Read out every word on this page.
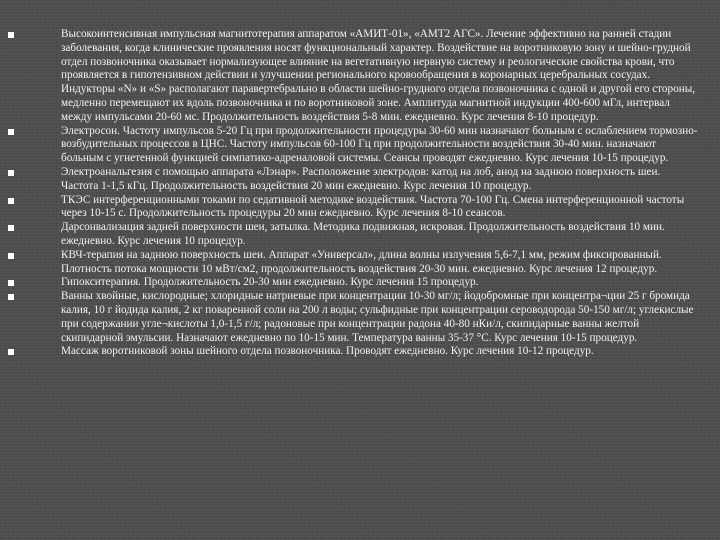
Высокоинтенсивная импульсная магнитотерапия аппаратом «АМИТ-01», «АМТ2 АГС». Лечение эффективно на ранней стадии заболевания, когда клинические проявления носят функциональный характер. Воздействие на воротниковую зону и шейно-грудной отдел позвоночника оказывает нормализующее влияние на вегетативную нервную систему и реологические свойства крови, что проявляется в гипотензивном действии и улучшении регионального кровообращения в коронарных церебральных сосудах. Индукторы «N» и «S» располагают паравертебрально в области шейно-грудного отдела позвоночника с одной и другой его стороны, медленно перемещают их вдоль позвоночника и по воротниковой зоне. Амплитуда магнитной индукции 400-600 мГл, интервал между импульсами 20-60 мс. Продолжительность воздействия 5-8 мин. ежедневно. Курс лечения 8-10 процедур.
Электросон. Частоту импульсов 5-20 Гц при продолжительности процедуры 30-60 мин назначают больным с ослаблением тормозно-возбудительных процессов в ЦНС. Частоту импульсов 60-100 Гц при продолжительности воздействия 30-40 мин. назначают больным с угнетенной функцией симпатико-адреналовой системы. Сеансы проводят ежедневно. Курс лечения 10-15 процедур.
Электроанальгезия с помощью аппарата «Лэнар». Расположение электродов: катод на лоб, анод на заднюю поверхность шеи. Частота 1-1,5 кГц. Продолжительность воздействия 20 мин ежедневно. Курс лечения 10 процедур.
ТКЭС интерференционными токами по седативной методике воздействия. Частота 70-100 Гц. Смена интерференционной частоты через 10-15 с. Продолжительность процедуры 20 мин ежедневно. Курс лечения 8-10 сеансов.
Дарсонвализация задней поверхности шеи, затылка. Методика подвижная, искровая. Продолжительность воздействия 10 мин. ежедневно. Курс лечения 10 процедур.
КВЧ-терапия на заднюю поверхность шеи. Аппарат «Универсал», длина волны излучения 5,6-7,1 мм, режим фиксированный. Плотность потока мощности 10 мВт/см2, продолжительность воздействия 20-30 мин. ежедневно. Курс лечения 12 процедур.
Гипокситерапия. Продолжительность 20-30 мин ежедневно. Курс лечения 15 процедур.
Ванны хвойные, кислородные; хлоридные натриевые при концентрации 10-30 мг/л; йодобромные при концентра¬ции 25 г бромида калия, 10 г йодида калия, 2 кг поваренной соли на 200 л воды; сульфидные при концентрации сероводорода 50-150 мг/л; углекислые при содержании угле¬кислоты 1,0-1,5 г/л; радоновые при концентрации радона 40-80 нКи/л, скипидарные ванны желтой скипидарной эмульсии. Назначают ежедневно по 10-15 мин. Температура ванны 35-37 °С. Курс лечения 10-15 процедур.
Массаж воротниковой зоны шейного отдела позвоночника. Проводят ежедневно. Курс лечения 10-12 процедур.
